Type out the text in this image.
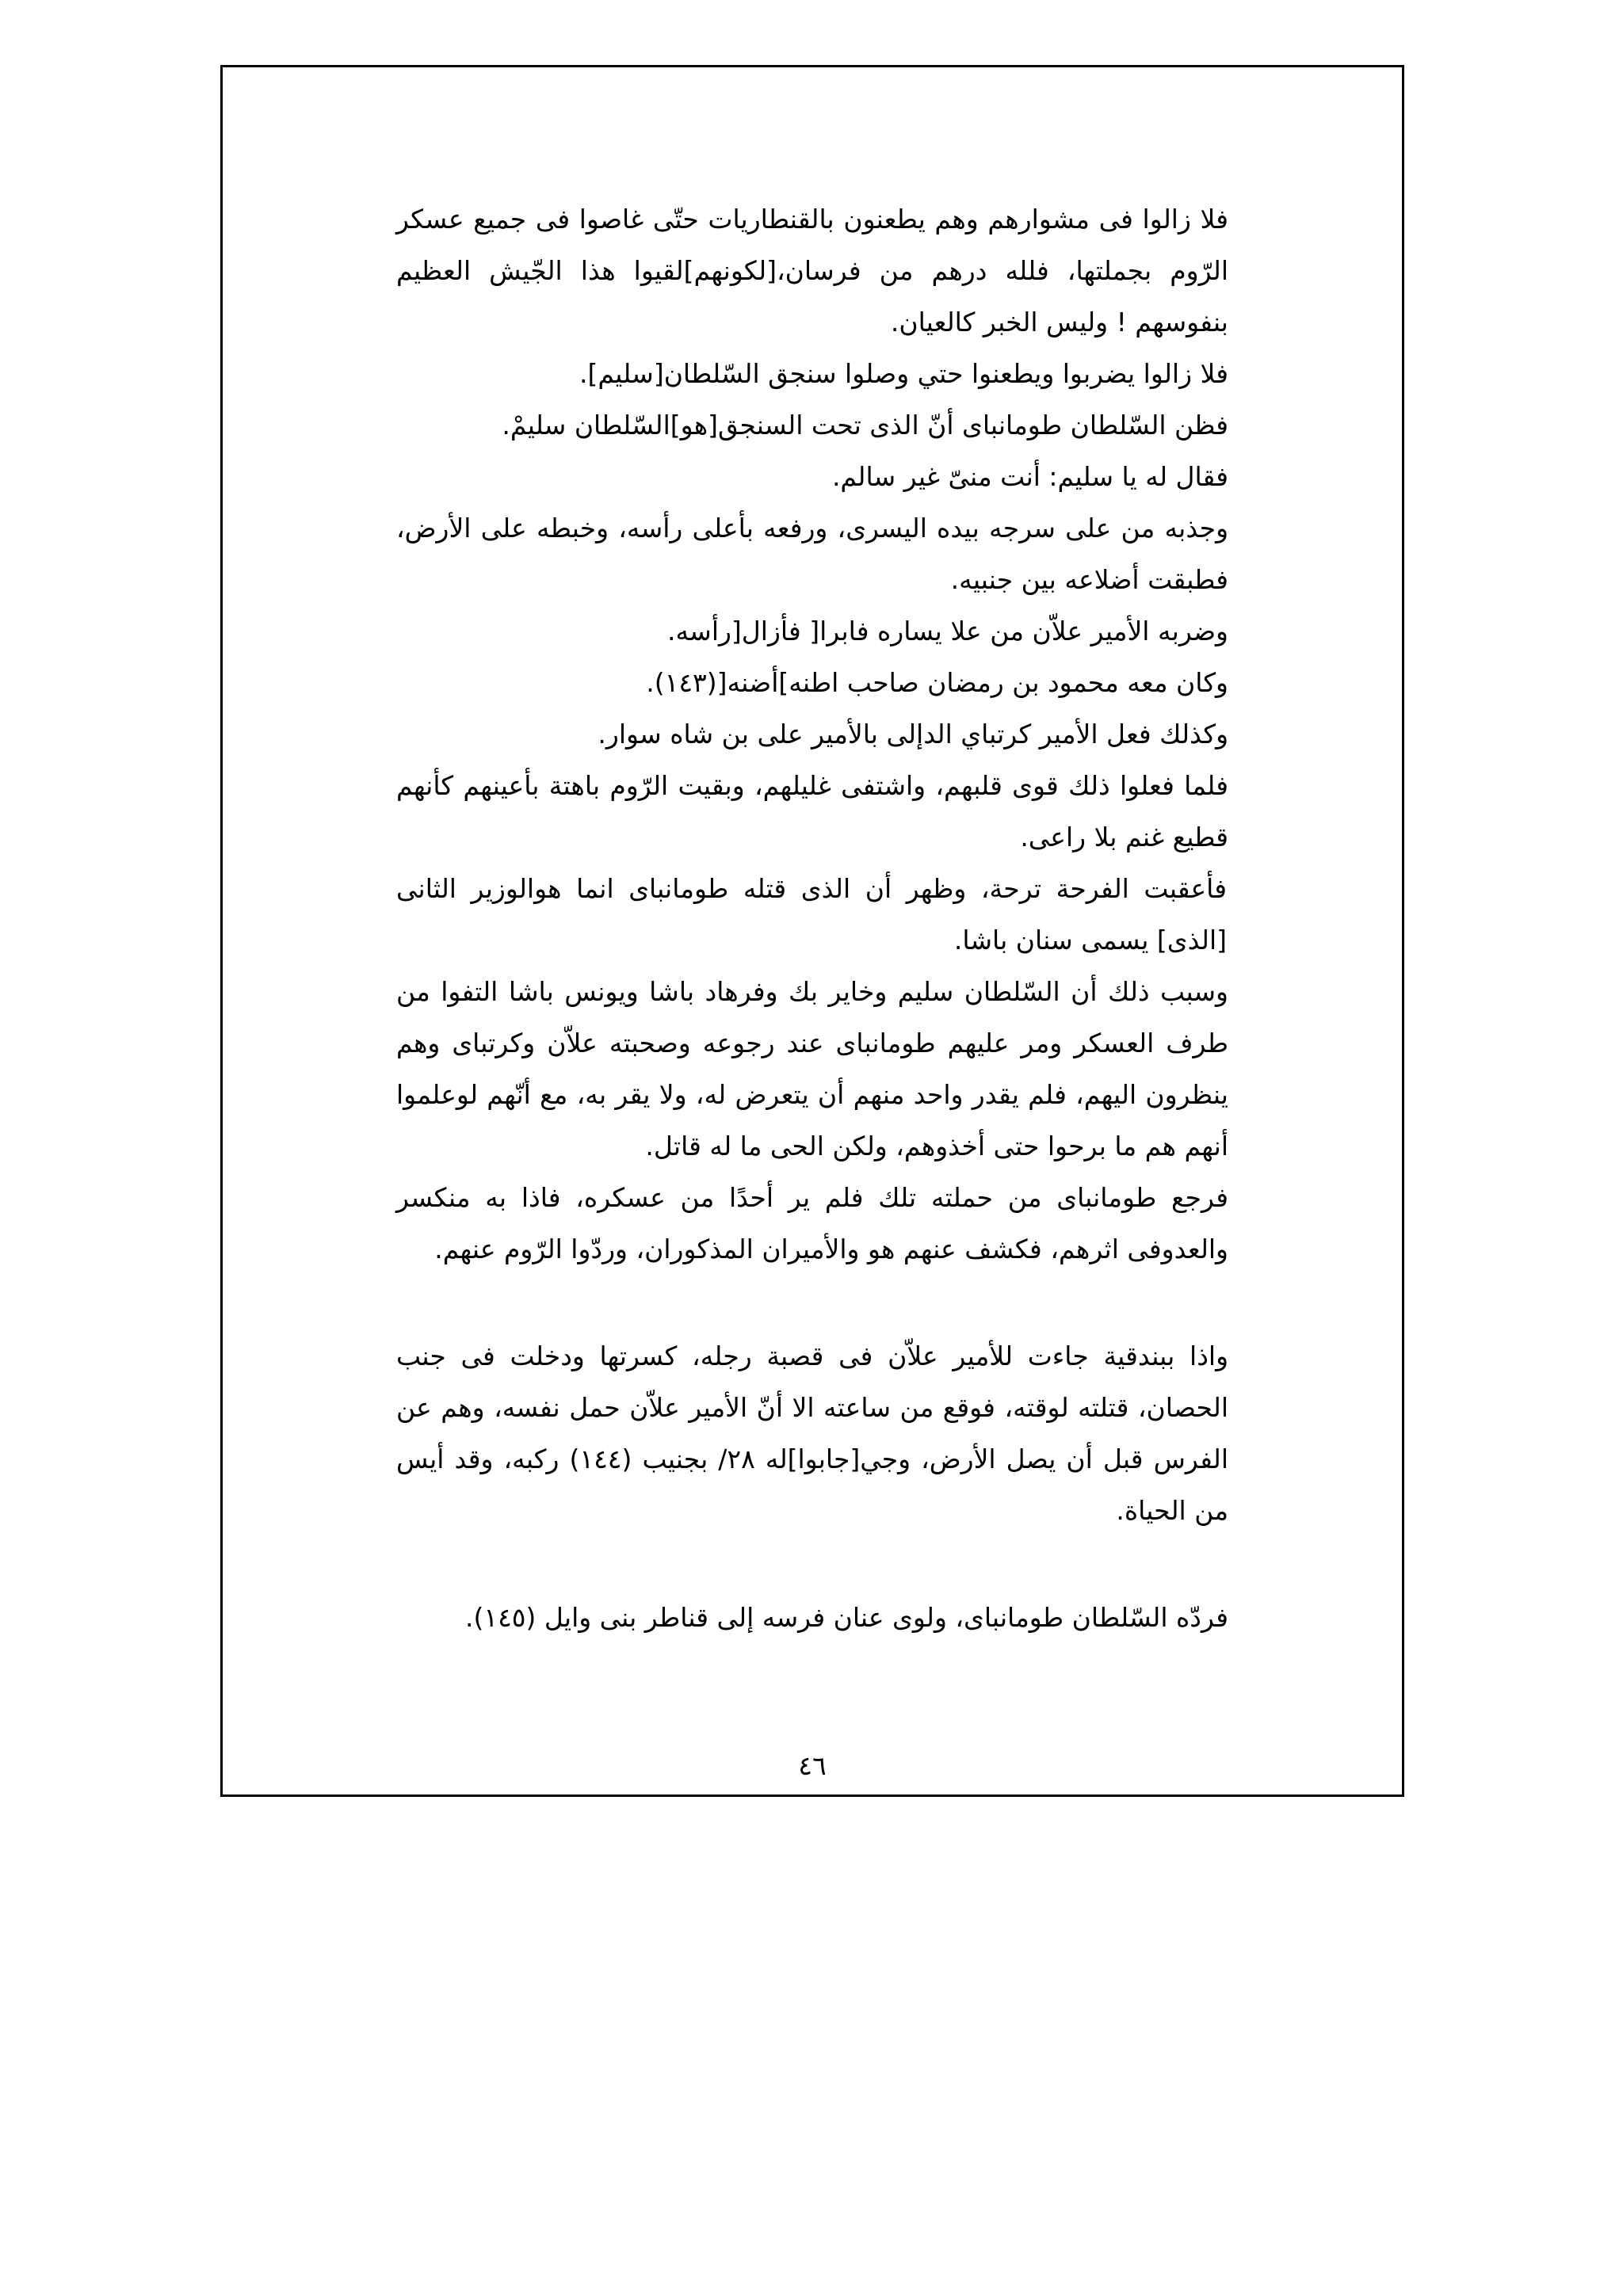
٤٦

فلا زالوا فى مشوارهم وهم يطعنون بالقنطاريات حتّى غاصوا فى جميع عسكر الرّوم بجملتها، فلله درهم من فرسان،[لكونهم]لقيوا هذا الجّيش العظيم بنفوسهم ! وليس الخبر كالعيان.

فلا زالوا يضربوا ويطعنوا حتي وصلوا سنجق السّلطان[سليم].

فظن السّلطان طومانباى أنّ الذى تحت السنجق[هو]السّلطان سليمْ.

فقال له يا سليم: أنت منىّ غير سالم.

وجذبه من على سرجه بيده اليسرى، ورفعه بأعلى رأسه، وخبطه على الأرض، فطبقت أضلاعه بين جنبيه.

وضربه الأمير علاّن من علا يساره فابرا[ فأزال[رأسه.

وكان معه محمود بن رمضان صاحب اطنه]أضنه[(١٤٣).

وكذلك فعل الأمير كرتباي الدإلى بالأمير على بن شاه سوار.

فلما فعلوا ذلك قوى قلبهم، واشتفى غليلهم، وبقيت الرّوم باهتة بأعينهم كأنهم قطيع غنم بلا راعى.

فأعقبت الفرحة ترحة، وظهر أن الذى قتله طومانباى انما هوالوزير الثانى [الذى] يسمى سنان باشا.

وسبب ذلك أن السّلطان سليم وخاير بك وفرهاد باشا ويونس باشا التفوا من طرف العسكر ومر عليهم طومانباى عند رجوعه وصحبته علاّن وكرتباى وهم ينظرون اليهم، فلم يقدر واحد منهم أن يتعرض له، ولا يقر به، مع أنّهم لوعلموا أنهم هم ما برحوا حتى أخذوهم، ولكن الحى ما له قاتل.

فرجع طومانباى من حملته تلك فلم ير أحدًا من عسكره، فاذا به منكسر والعدوفى اثرهم، فكشف عنهم هو والأميران المذكوران، وردّوا الرّوم عنهم.

واذا ببندقية جاءت للأمير علاّن فى قصبة رجله، كسرتها ودخلت فى جنب الحصان، قتلته لوقته، فوقع من ساعته الا أنّ الأمير علاّن حمل نفسه، وهم عن الفرس قبل أن يصل الأرض، وجي[جابوا]له ٢٨/ بجنيب (١٤٤) ركبه، وقد أيس من الحياة.

فردّه السّلطان طومانباى، ولوى عنان فرسه إلى قناطر بنى وايل (١٤٥).
